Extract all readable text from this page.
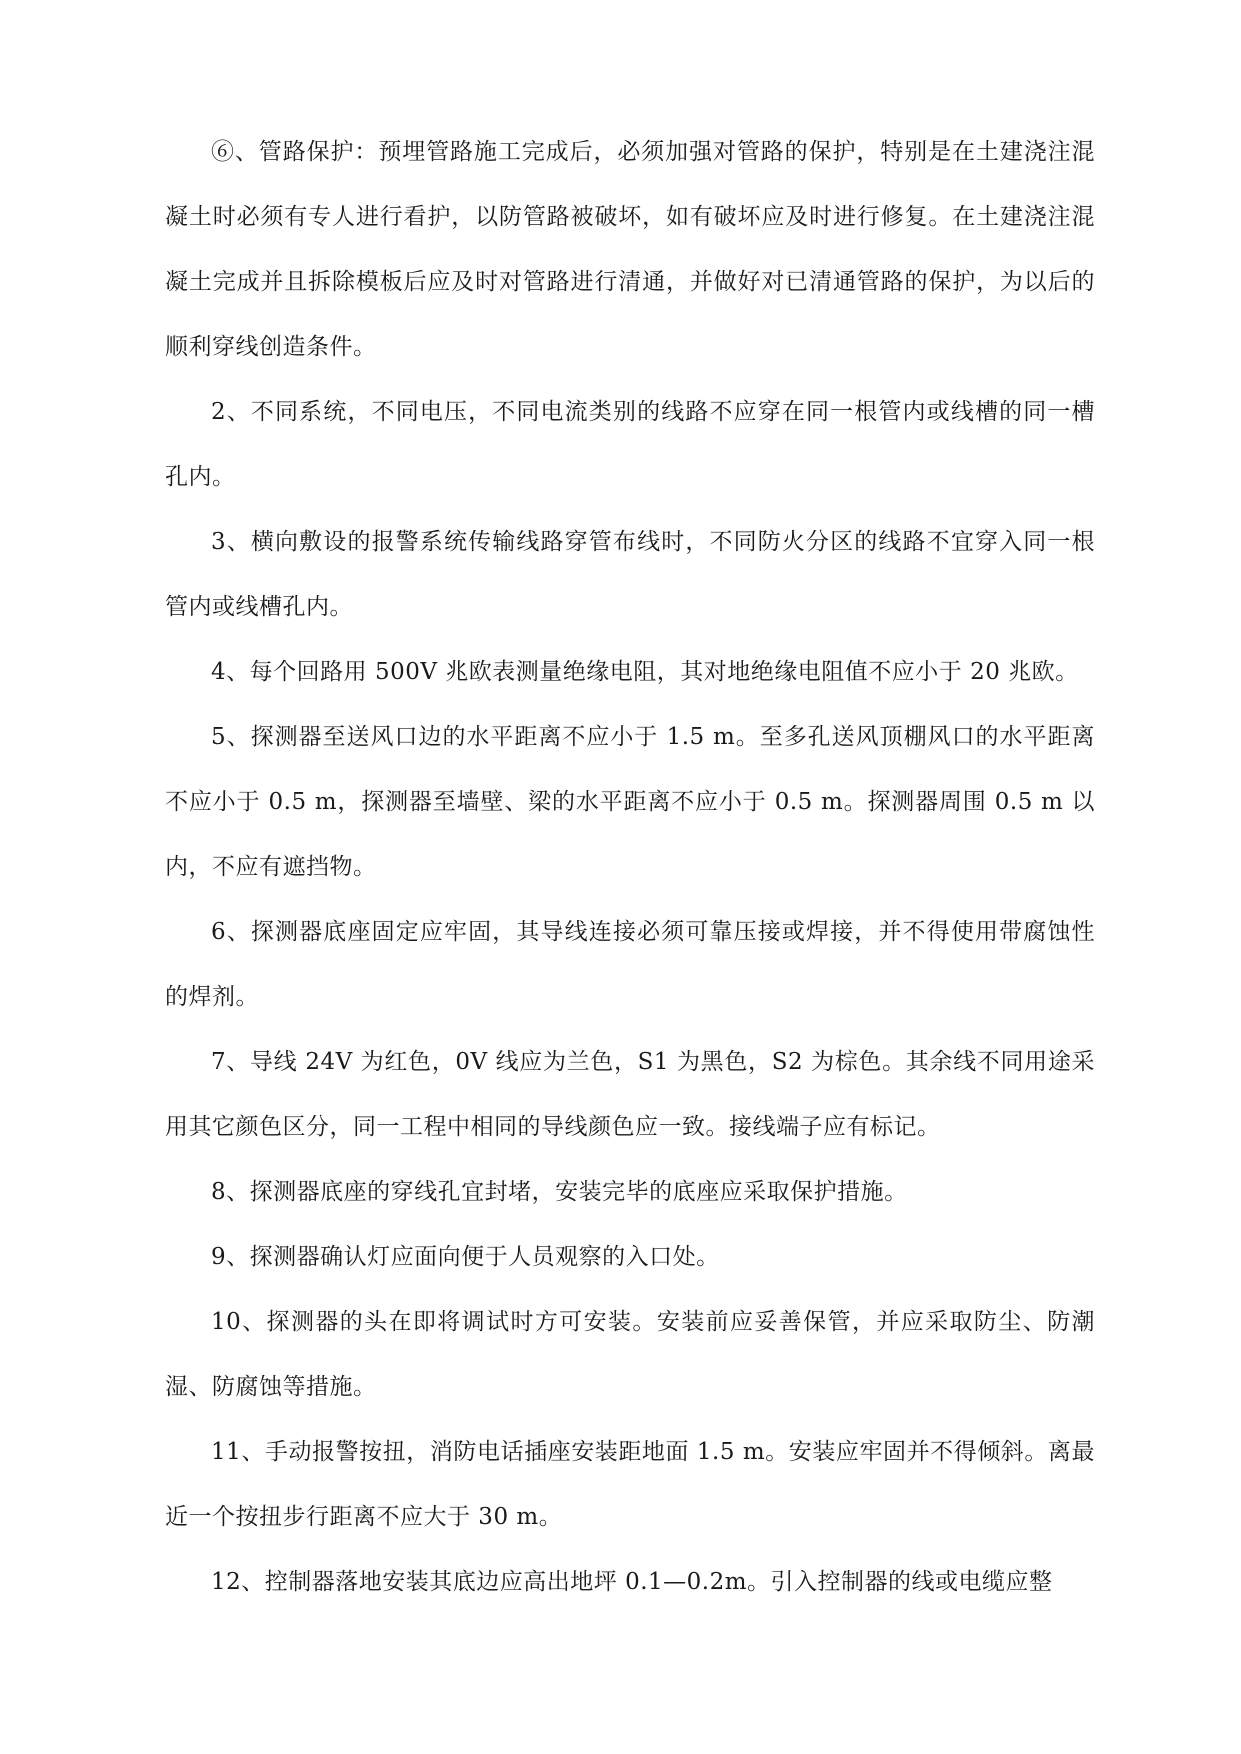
⑥、管路保护：预埋管路施工完成后，必须加强对管路的保护，特别是在土建浇注混凝土时必须有专人进行看护，以防管路被破坏，如有破坏应及时进行修复。在土建浇注混凝土完成并且拆除模板后应及时对管路进行清通，并做好对已清通管路的保护，为以后的顺利穿线创造条件。

2、不同系统，不同电压，不同电流类别的线路不应穿在同一根管内或线槽的同一槽孔内。

3、横向敷设的报警系统传输线路穿管布线时，不同防火分区的线路不宜穿入同一根管内或线槽孔内。

4、每个回路用 500V 兆欧表测量绝缘电阻，其对地绝缘电阻值不应小于 20 兆欧。

5、探测器至送风口边的水平距离不应小于 1.5 m。至多孔送风顶棚风口的水平距离不应小于 0.5 m，探测器至墙壁、梁的水平距离不应小于 0.5 m。探测器周围 0.5 m 以内，不应有遮挡物。

6、探测器底座固定应牢固，其导线连接必须可靠压接或焊接，并不得使用带腐蚀性的焊剂。

7、导线 24V 为红色，0V 线应为兰色，S1 为黑色，S2 为棕色。其余线不同用途采用其它颜色区分，同一工程中相同的导线颜色应一致。接线端子应有标记。

8、探测器底座的穿线孔宜封堵，安装完毕的底座应采取保护措施。

9、探测器确认灯应面向便于人员观察的入口处。

10、探测器的头在即将调试时方可安装。安装前应妥善保管，并应采取防尘、防潮湿、防腐蚀等措施。

11、手动报警按扭，消防电话插座安装距地面 1.5 m。安装应牢固并不得倾斜。离最近一个按扭步行距离不应大于 30 m。

12、控制器落地安装其底边应高出地坪 0.1—0.2m。引入控制器的线或电缆应整
